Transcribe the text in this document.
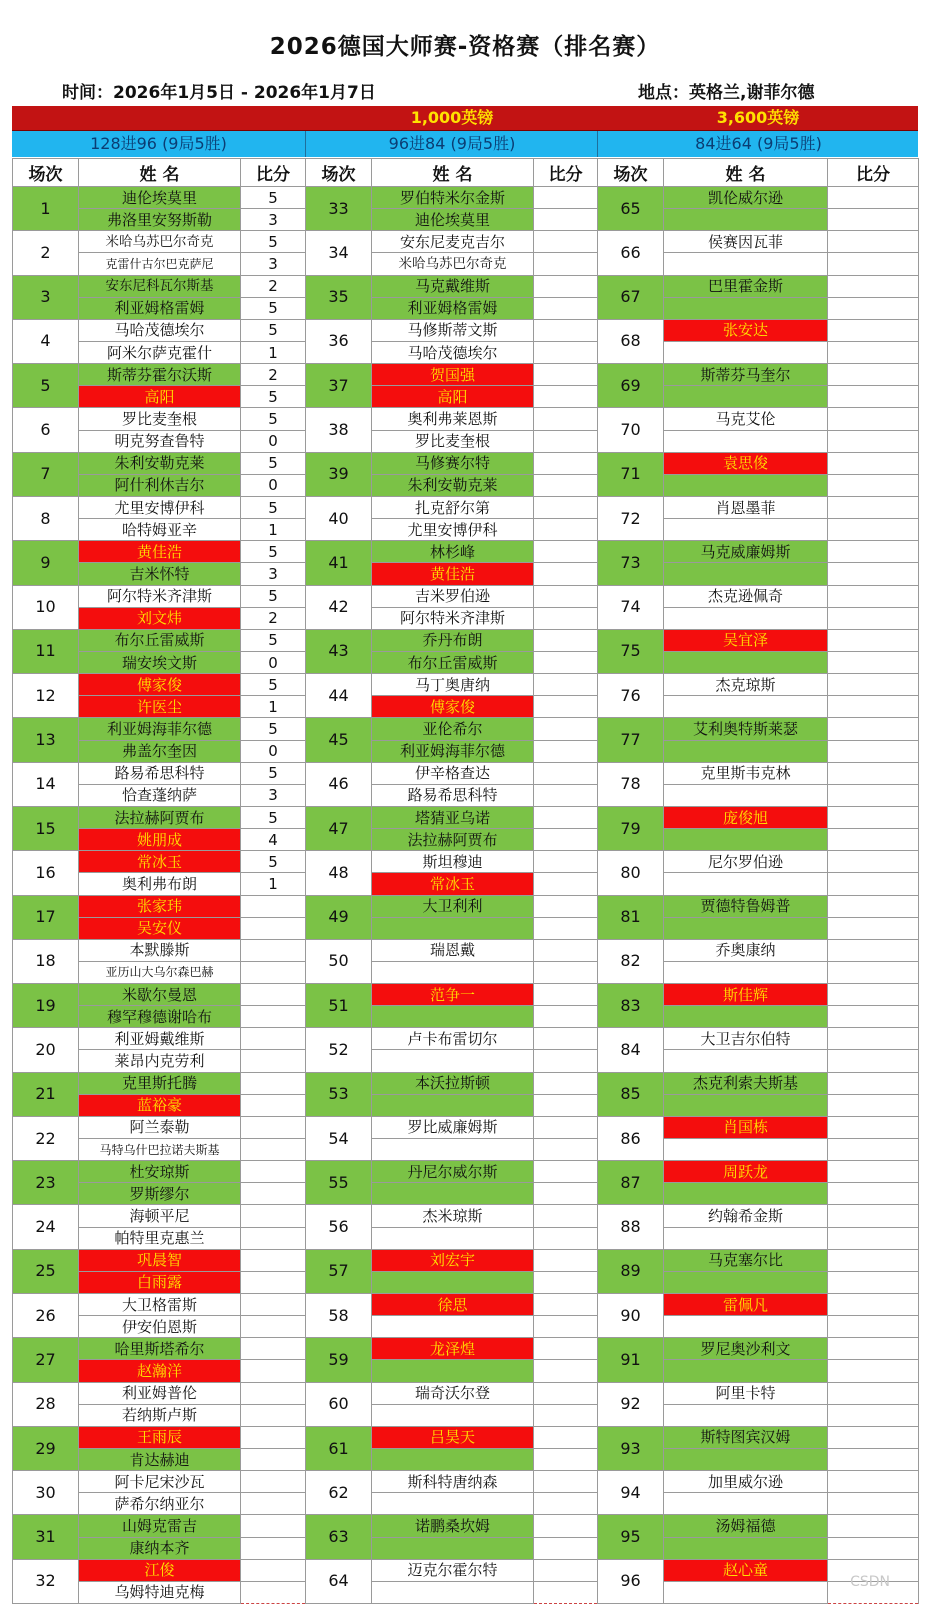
2026德国大师赛-资格赛（排名赛）
时间：2026年1月5日 - 2026年1月7日	地点：英格兰,谢菲尔德
1,000英镑	3,600英镑
128进96 (9局5胜)	96进84 (9局5胜)	84进64 (9局5胜)
场次	姓 名	比分	场次	姓 名	比分	场次	姓 名	比分
1	迪伦埃莫里	5	33	罗伯特米尔金斯		65	凯伦威尔逊	
	弗洛里安努斯勒	3		迪伦埃莫里				
2	米哈乌苏巴尔奇克	5	34	安东尼麦克吉尔		66	侯赛因瓦菲	
	克雷什古尔巴克萨尼	3		米哈乌苏巴尔奇克				
3	安东尼科瓦尔斯基	2	35	马克戴维斯		67	巴里霍金斯	
	利亚姆格雷姆	5		利亚姆格雷姆				
4	马哈茂德埃尔	5	36	马修斯蒂文斯		68	张安达	
	阿米尔萨克霍什	1		马哈茂德埃尔				
5	斯蒂芬霍尔沃斯	2	37	贺国强		69	斯蒂芬马奎尔	
	高阳	5		高阳				
6	罗比麦奎根	5	38	奥利弗莱恩斯		70	马克艾伦	
	明克努查鲁特	0		罗比麦奎根				
7	朱利安勒克莱	5	39	马修赛尔特		71	袁思俊	
	阿什利休吉尔	0		朱利安勒克莱				
8	尤里安博伊科	5	40	扎克舒尔第		72	肖恩墨菲	
	哈特姆亚辛	1		尤里安博伊科				
9	黄佳浩	5	41	林杉峰		73	马克威廉姆斯	
	吉米怀特	3		黄佳浩				
10	阿尔特米齐津斯	5	42	吉米罗伯逊		74	杰克逊佩奇	
	刘文炜	2		阿尔特米齐津斯				
11	布尔丘雷威斯	5	43	乔丹布朗		75	吴宜泽	
	瑞安埃文斯	0		布尔丘雷威斯				
12	傅家俊	5	44	马丁奥唐纳		76	杰克琼斯	
	许医尘	1		傅家俊				
13	利亚姆海菲尔德	5	45	亚伦希尔		77	艾利奥特斯莱瑟	
	弗盖尔奎因	0		利亚姆海菲尔德				
14	路易希思科特	5	46	伊辛格查达		78	克里斯韦克林	
	恰查蓬纳萨	3		路易希思科特				
15	法拉赫阿贾布	5	47	塔猜亚乌诺		79	庞俊旭	
	姚朋成	4		法拉赫阿贾布				
16	常冰玉	5	48	斯坦穆迪		80	尼尔罗伯逊	
	奥利弗布朗	1		常冰玉				
17	张家玮		49	大卫利利		81	贾德特鲁姆普	
	吴安仪							
18	本默滕斯		50	瑞恩戴		82	乔奥康纳	
	亚历山大乌尔森巴赫							
19	米歇尔曼恩		51	范争一		83	斯佳辉	
	穆罕穆德谢哈布							
20	利亚姆戴维斯		52	卢卡布雷切尔		84	大卫吉尔伯特	
	莱昂内克劳利							
21	克里斯托腾		53	本沃拉斯顿		85	杰克利索夫斯基	
	蓝裕豪							
22	阿兰泰勒		54	罗比威廉姆斯		86	肖国栋	
	马特乌什巴拉诺夫斯基							
23	杜安琼斯		55	丹尼尔威尔斯		87	周跃龙	
	罗斯缪尔							
24	海顿平尼		56	杰米琼斯		88	约翰希金斯	
	帕特里克惠兰							
25	巩晨智		57	刘宏宇		89	马克塞尔比	
	白雨露							
26	大卫格雷斯		58	徐思		90	雷佩凡	
	伊安伯恩斯							
27	哈里斯塔希尔		59	龙泽煌		91	罗尼奥沙利文	
	赵瀚洋							
28	利亚姆普伦		60	瑞奇沃尔登		92	阿里卡特	
	若纳斯卢斯							
29	王雨辰		61	吕昊天		93	斯特图宾汉姆	
	肯达赫迪							
30	阿卡尼宋沙瓦		62	斯科特唐纳森		94	加里威尔逊	
	萨希尔纳亚尔							
31	山姆克雷吉		63	诺鹏桑坎姆		95	汤姆福德	
	康纳本齐							
32	江俊		64	迈克尔霍尔特		96	赵心童	
	乌姆特迪克梅							
CSDN
